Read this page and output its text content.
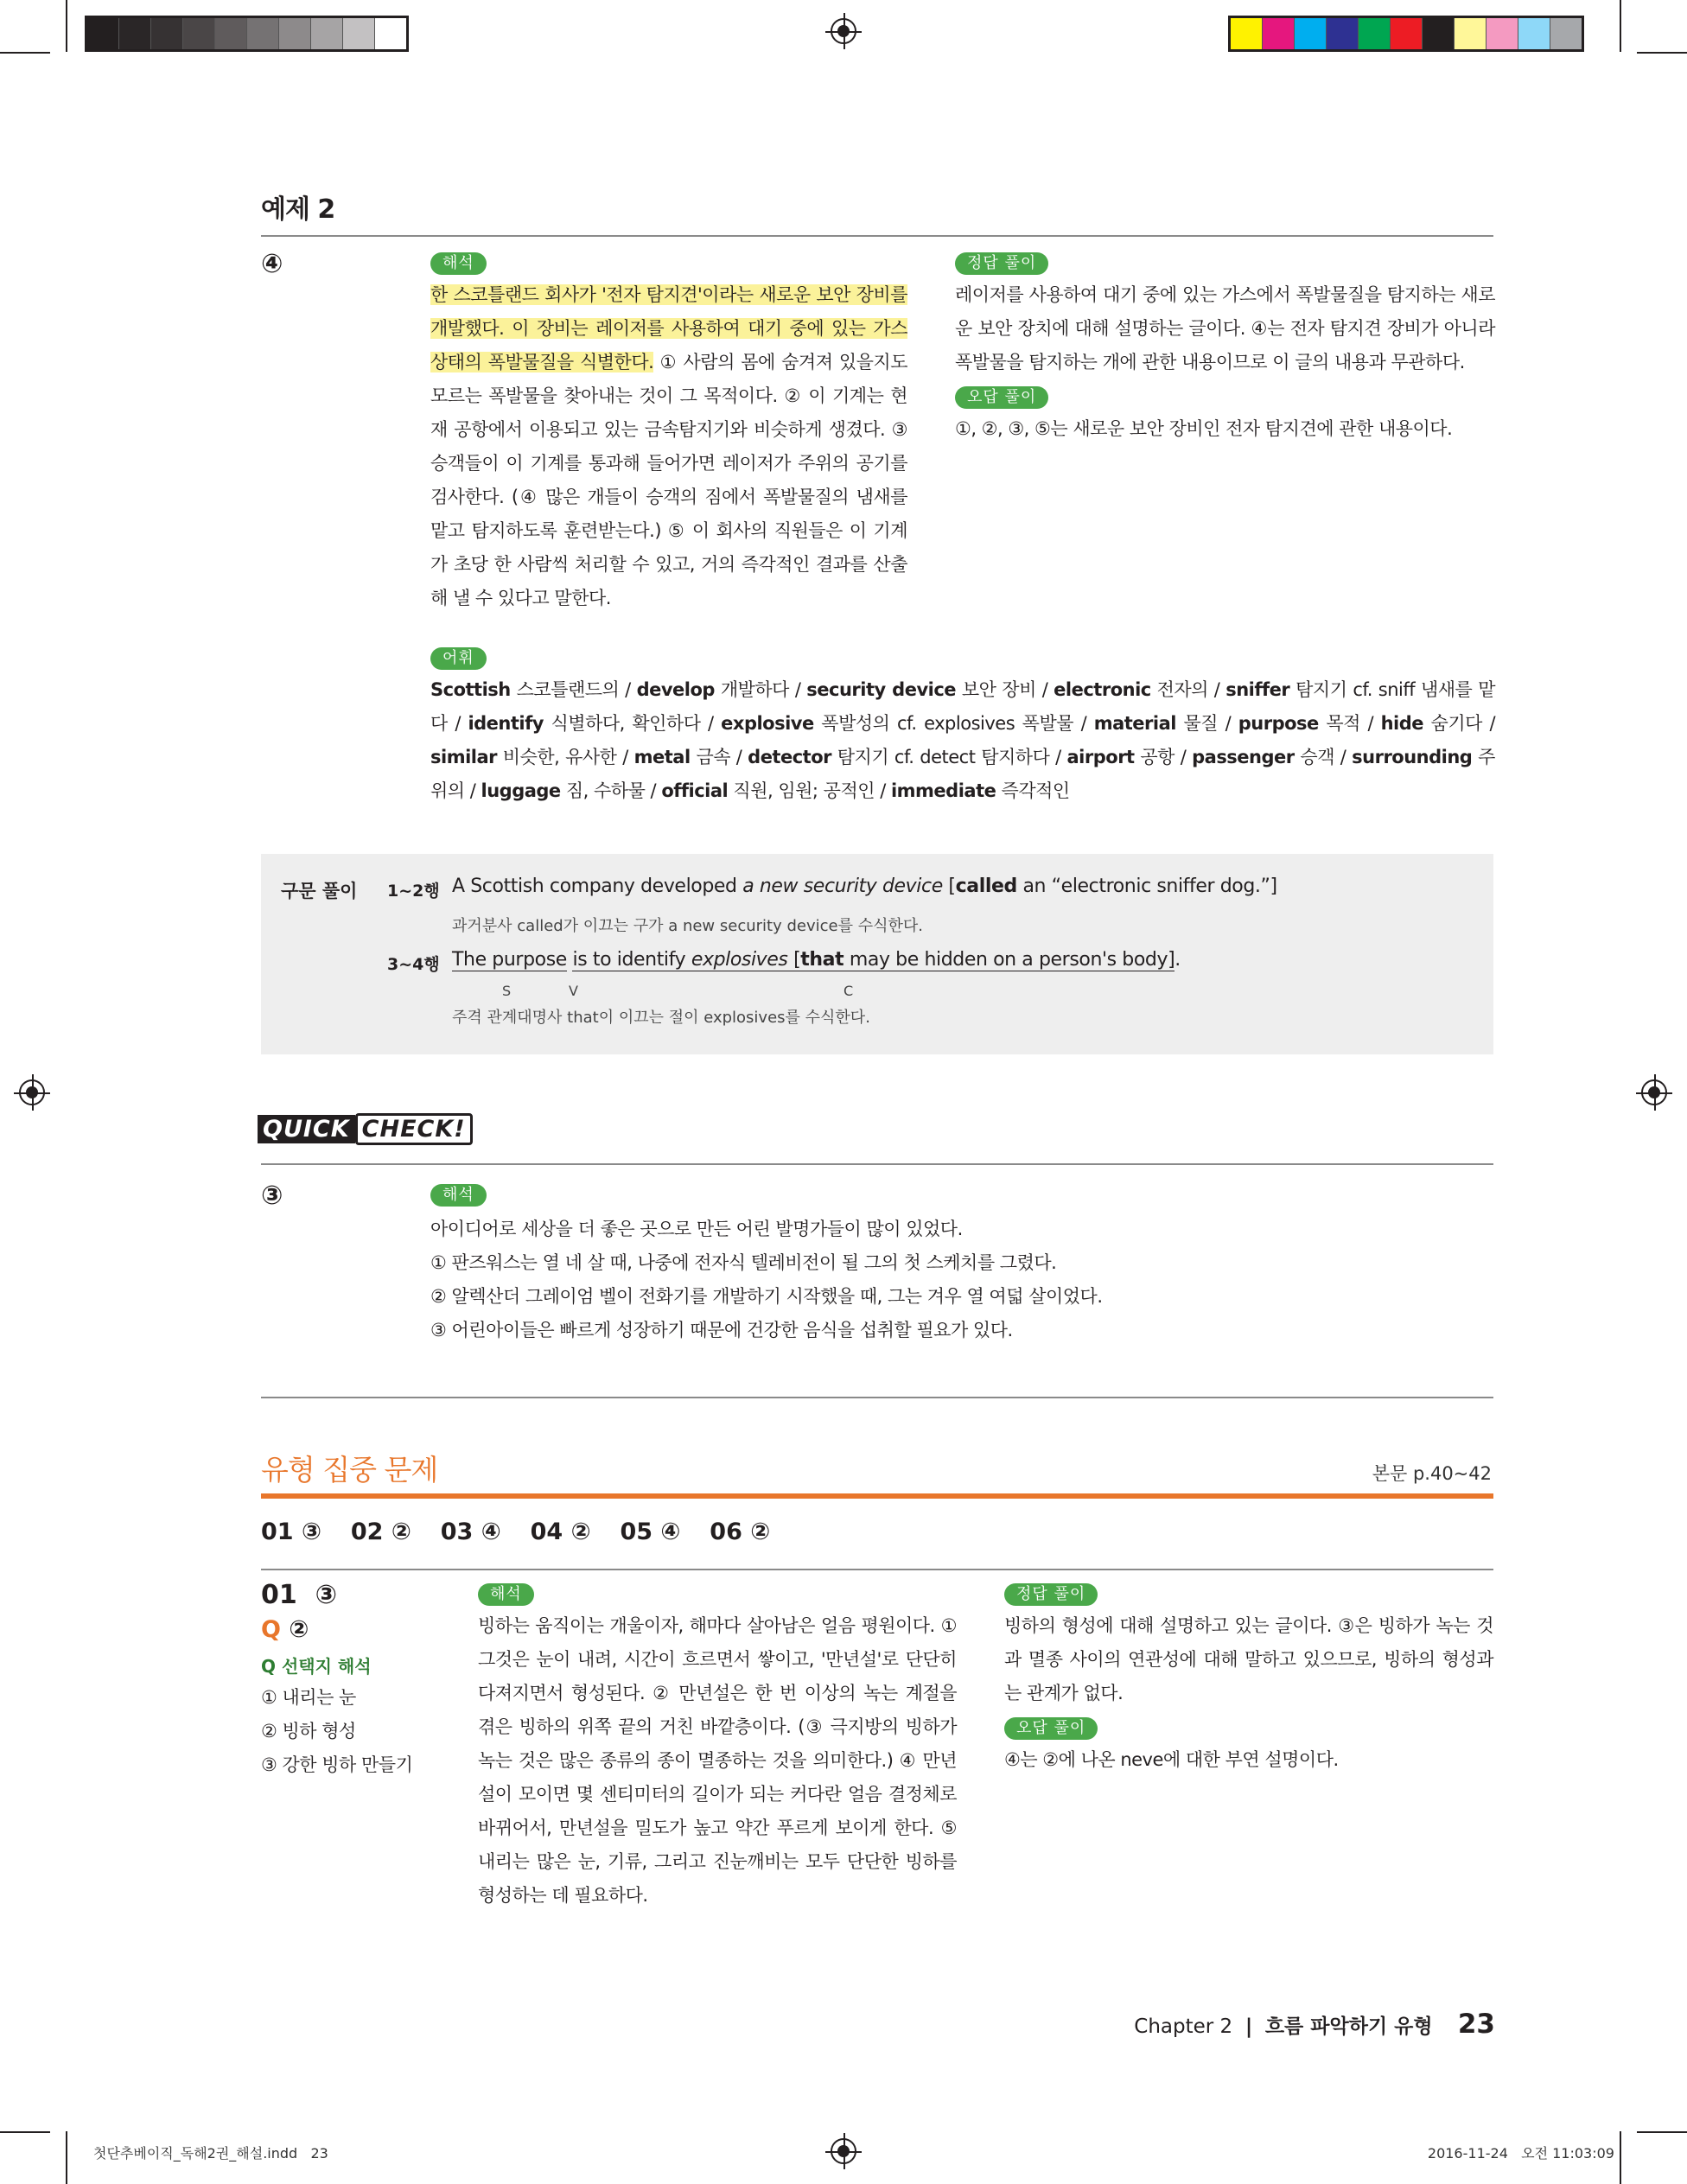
예제 2
④	해석
한 스코틀랜드 회사가 '전자 탐지견'이라는 새로운 보안 장비를 개발했다. 이 장비는 레이저를 사용하여 대기 중에 있는 가스 상태의 폭발물질을 식별한다. ① 사람의 몸에 숨겨져 있을지도 모르는 폭발물을 찾아내는 것이 그 목적이다. ② 이 기계는 현재 공항에서 이용되고 있는 금속탐지기와 비슷하게 생겼다. ③ 승객들이 이 기계를 통과해 들어가면 레이저가 주위의 공기를 검사한다. (④ 많은 개들이 승객의 짐에서 폭발물질의 냄새를 맡고 탐지하도록 훈련받는다.) ⑤ 이 회사의 직원들은 이 기계가 초당 한 사람씩 처리할 수 있고, 거의 즉각적인 결과를 산출해 낼 수 있다고 말한다.
정답 풀이
레이저를 사용하여 대기 중에 있는 가스에서 폭발물질을 탐지하는 새로운 보안 장치에 대해 설명하는 글이다. ④는 전자 탐지견 장비가 아니라 폭발물을 탐지하는 개에 관한 내용이므로 이 글의 내용과 무관하다.
오답 풀이
①, ②, ③, ⑤는 새로운 보안 장비인 전자 탐지견에 관한 내용이다.
어휘
Scottish 스코틀랜드의 / develop 개발하다 / security device 보안 장비 / electronic 전자의 / sniffer 탐지기 cf. sniff 냄새를 맡다 / identify 식별하다, 확인하다 / explosive 폭발성의 cf. explosives 폭발물 / material 물질 / purpose 목적 / hide 숨기다 / similar 비슷한, 유사한 / metal 금속 / detector 탐지기 cf. detect 탐지하다 / airport 공항 / passenger 승객 / surrounding 주위의 / luggage 짐, 수하물 / official 직원, 임원; 공적인 / immediate 즉각적인
구문 풀이 1~2행 A Scottish company developed a new security device [called an “electronic sniffer dog.”]
과거분사 called가 이끄는 구가 a new security device를 수식한다.
3~4행 The purpose is to identify explosives [that may be hidden on a person's body].
S	V	C
주격 관계대명사 that이 이끄는 절이 explosives를 수식한다.
QUICK CHECK!
③	해석
아이디어로 세상을 더 좋은 곳으로 만든 어린 발명가들이 많이 있었다.
① 판즈워스는 열 네 살 때, 나중에 전자식 텔레비전이 될 그의 첫 스케치를 그렸다.
② 알렉산더 그레이엄 벨이 전화기를 개발하기 시작했을 때, 그는 겨우 열 여덟 살이었다.
③ 어린아이들은 빠르게 성장하기 때문에 건강한 음식을 섭취할 필요가 있다.
유형 집중 문제	본문 p.40~42
01 ③ 02 ② 03 ④ 04 ② 05 ④ 06 ②
01 ③
Q ②
Q 선택지 해석
① 내리는 눈
② 빙하 형성
③ 강한 빙하 만들기
해석
빙하는 움직이는 개울이자, 해마다 살아남은 얼음 평원이다. ① 그것은 눈이 내려, 시간이 흐르면서 쌓이고, '만년설'로 단단히 다져지면서 형성된다. ② 만년설은 한 번 이상의 녹는 계절을 겪은 빙하의 위쪽 끝의 거친 바깥층이다. (③ 극지방의 빙하가 녹는 것은 많은 종류의 종이 멸종하는 것을 의미한다.) ④ 만년설이 모이면 몇 센티미터의 길이가 되는 커다란 얼음 결정체로 바뀌어서, 만년설을 밀도가 높고 약간 푸르게 보이게 한다. ⑤ 내리는 많은 눈, 기류, 그리고 진눈깨비는 모두 단단한 빙하를 형성하는 데 필요하다.
정답 풀이
빙하의 형성에 대해 설명하고 있는 글이다. ③은 빙하가 녹는 것과 멸종 사이의 연관성에 대해 말하고 있으므로, 빙하의 형성과는 관계가 없다.
오답 풀이
④는 ②에 나온 neve에 대한 부연 설명이다.
Chapter 2 | 흐름 파악하기 유형 23
첫단추베이직_독해2권_해설.indd   23	2016-11-24   오전 11:03:09
